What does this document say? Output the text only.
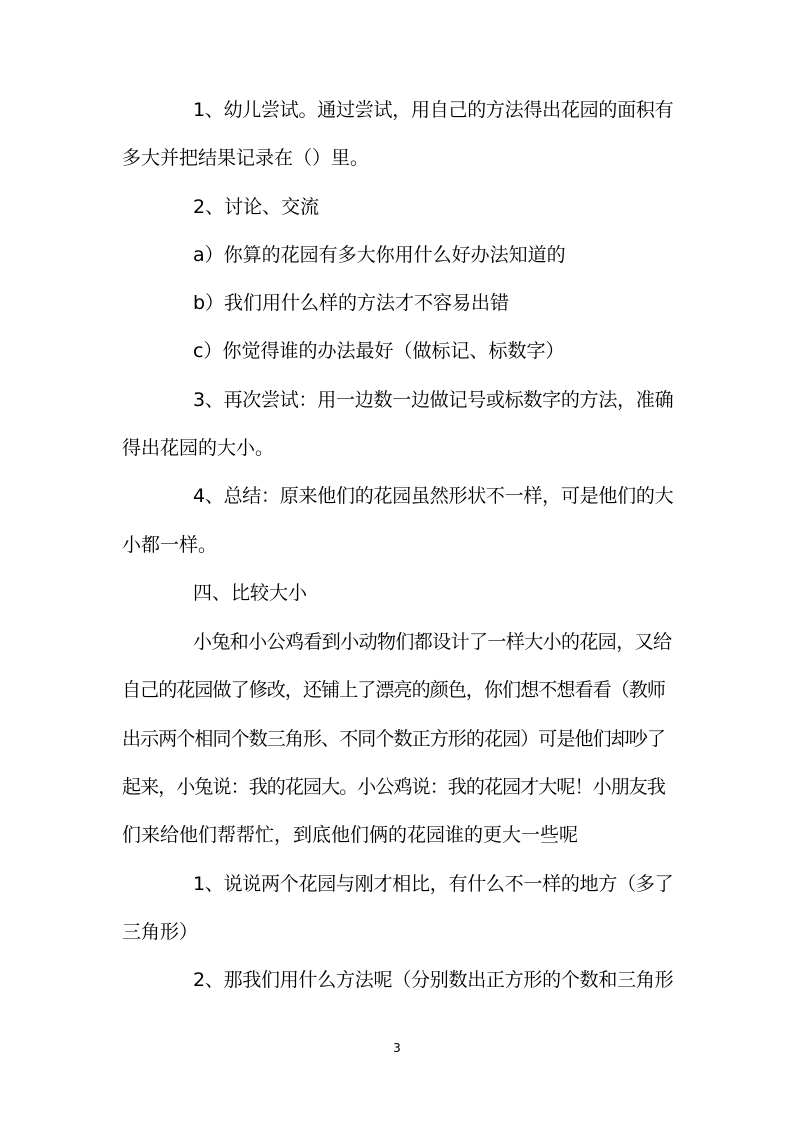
1、幼儿尝试。通过尝试，用自己的方法得出花园的面积有
多大并把结果记录在（）里。
2、讨论、交流
a）你算的花园有多大你用什么好办法知道的
b）我们用什么样的方法才不容易出错
c）你觉得谁的办法最好（做标记、标数字）
3、再次尝试：用一边数一边做记号或标数字的方法，准确
得出花园的大小。
4、总结：原来他们的花园虽然形状不一样，可是他们的大
小都一样。
四、比较大小
小兔和小公鸡看到小动物们都设计了一样大小的花园，又给
自己的花园做了修改，还铺上了漂亮的颜色，你们想不想看看（教师
出示两个相同个数三角形、不同个数正方形的花园）可是他们却吵了
起来，小兔说：我的花园大。小公鸡说：我的花园才大呢！小朋友我
们来给他们帮帮忙，到底他们俩的花园谁的更大一些呢
1、说说两个花园与刚才相比，有什么不一样的地方（多了
三角形）
2、那我们用什么方法呢（分别数出正方形的个数和三角形
3
